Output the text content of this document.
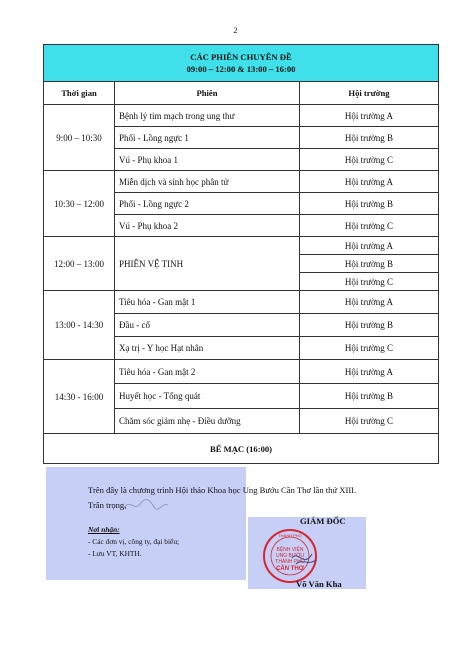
2
CÁC PHIÊN CHUYÊN ĐỀ
09:00 – 12:00 & 13:00 – 16:00		

Thời gian	Phiên	Hội trường
9:00 – 10:30	Bệnh lý tim mạch trong ung thư	Hội trường A
	Phổi - Lồng ngực 1	Hội trường B
	Vú - Phụ khoa 1	Hội trường C
10:30 – 12:00	Miễn dịch và sinh học phân tử	Hội trường A
	Phổi - Lồng ngực 2	Hội trường B
	Vú - Phụ khoa 2	Hội trường C
12:00 – 13:00	PHIÊN VỆ TINH	Hội trường A
		Hội trường B
		Hội trường C
13:00 - 14:30	Tiêu hóa - Gan mật 1	Hội trường A
	Đầu - cổ	Hội trường B
	Xạ trị - Y học Hạt nhân	Hội trường C
14:30 - 16:00	Tiêu hóa - Gan mật 2	Hội trường A
	Huyết học - Tổng quát	Hội trường B
	Chăm sóc giảm nhẹ - Điều dưỡng	Hội trường C
BẾ MẠC (16:00)		
Trên đây là chương trình Hội thảo Khoa học Ung Bướu Cần Thơ lần thứ XIII.
Trân trọng,
Nơi nhận:
- Các đơn vị, công ty, đại biểu;
- Lưu VT, KHTH.
GIÁM ĐỐC
THÀNH PHỐ
BỆNH VIỆN
UNG BƯỚU
THÀNH PHỐ
CẦN THƠ
Võ Văn Kha
